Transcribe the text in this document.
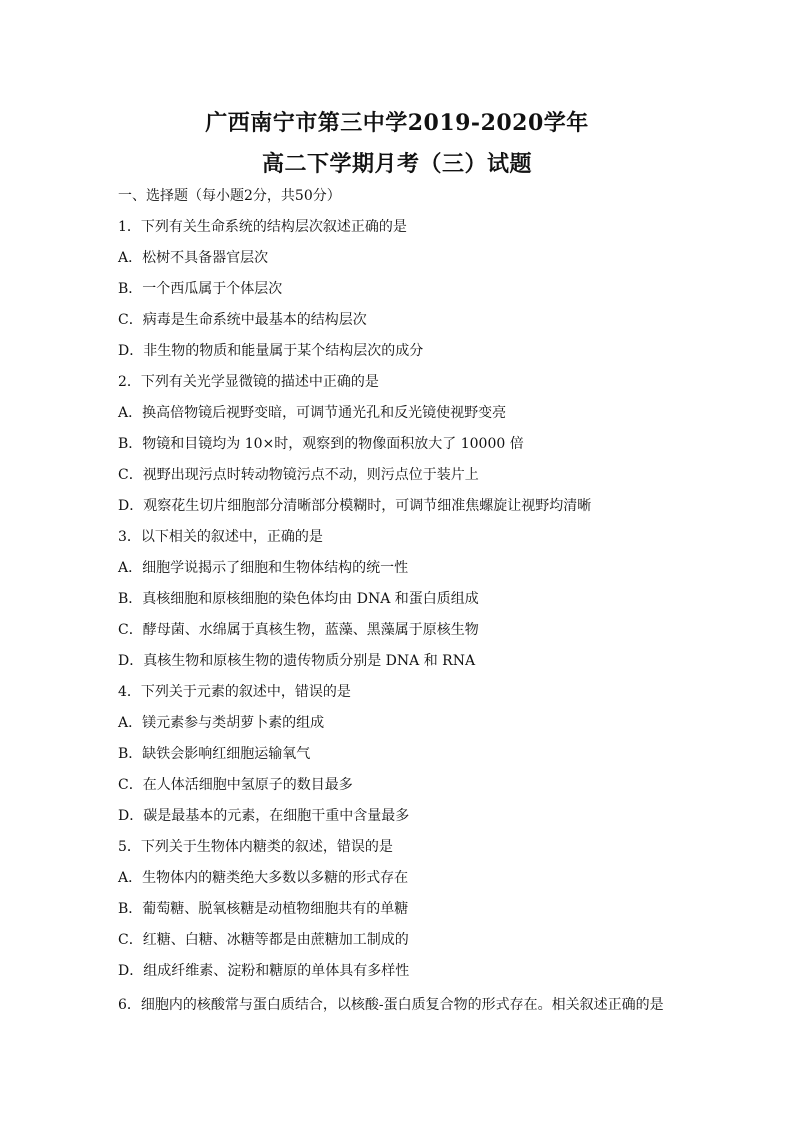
广西南宁市第三中学2019-2020学年
高二下学期月考（三）试题
一、选择题（每小题2分，共50分）
1．下列有关生命系统的结构层次叙述正确的是
A．松树不具备器官层次
B．一个西瓜属于个体层次
C．病毒是生命系统中最基本的结构层次
D．非生物的物质和能量属于某个结构层次的成分
2．下列有关光学显微镜的描述中正确的是
A．换高倍物镜后视野变暗，可调节通光孔和反光镜使视野变亮
B．物镜和目镜均为 10×时，观察到的物像面积放大了 10000 倍
C．视野出现污点时转动物镜污点不动，则污点位于装片上
D．观察花生切片细胞部分清晰部分模糊时，可调节细准焦螺旋让视野均清晰
3．以下相关的叙述中，正确的是
A．细胞学说揭示了细胞和生物体结构的统一性
B．真核细胞和原核细胞的染色体均由 DNA 和蛋白质组成
C．酵母菌、水绵属于真核生物，蓝藻、黑藻属于原核生物
D．真核生物和原核生物的遗传物质分别是 DNA 和 RNA
4．下列关于元素的叙述中，错误的是
A．镁元素参与类胡萝卜素的组成
B．缺铁会影响红细胞运输氧气
C．在人体活细胞中氢原子的数目最多
D．碳是最基本的元素，在细胞干重中含量最多
5．下列关于生物体内糖类的叙述，错误的是
A．生物体内的糖类绝大多数以多糖的形式存在
B．葡萄糖、脱氧核糖是动植物细胞共有的单糖
C．红糖、白糖、冰糖等都是由蔗糖加工制成的
D．组成纤维素、淀粉和糖原的单体具有多样性
6．细胞内的核酸常与蛋白质结合，以核酸-蛋白质复合物的形式存在。相关叙述正确的是
